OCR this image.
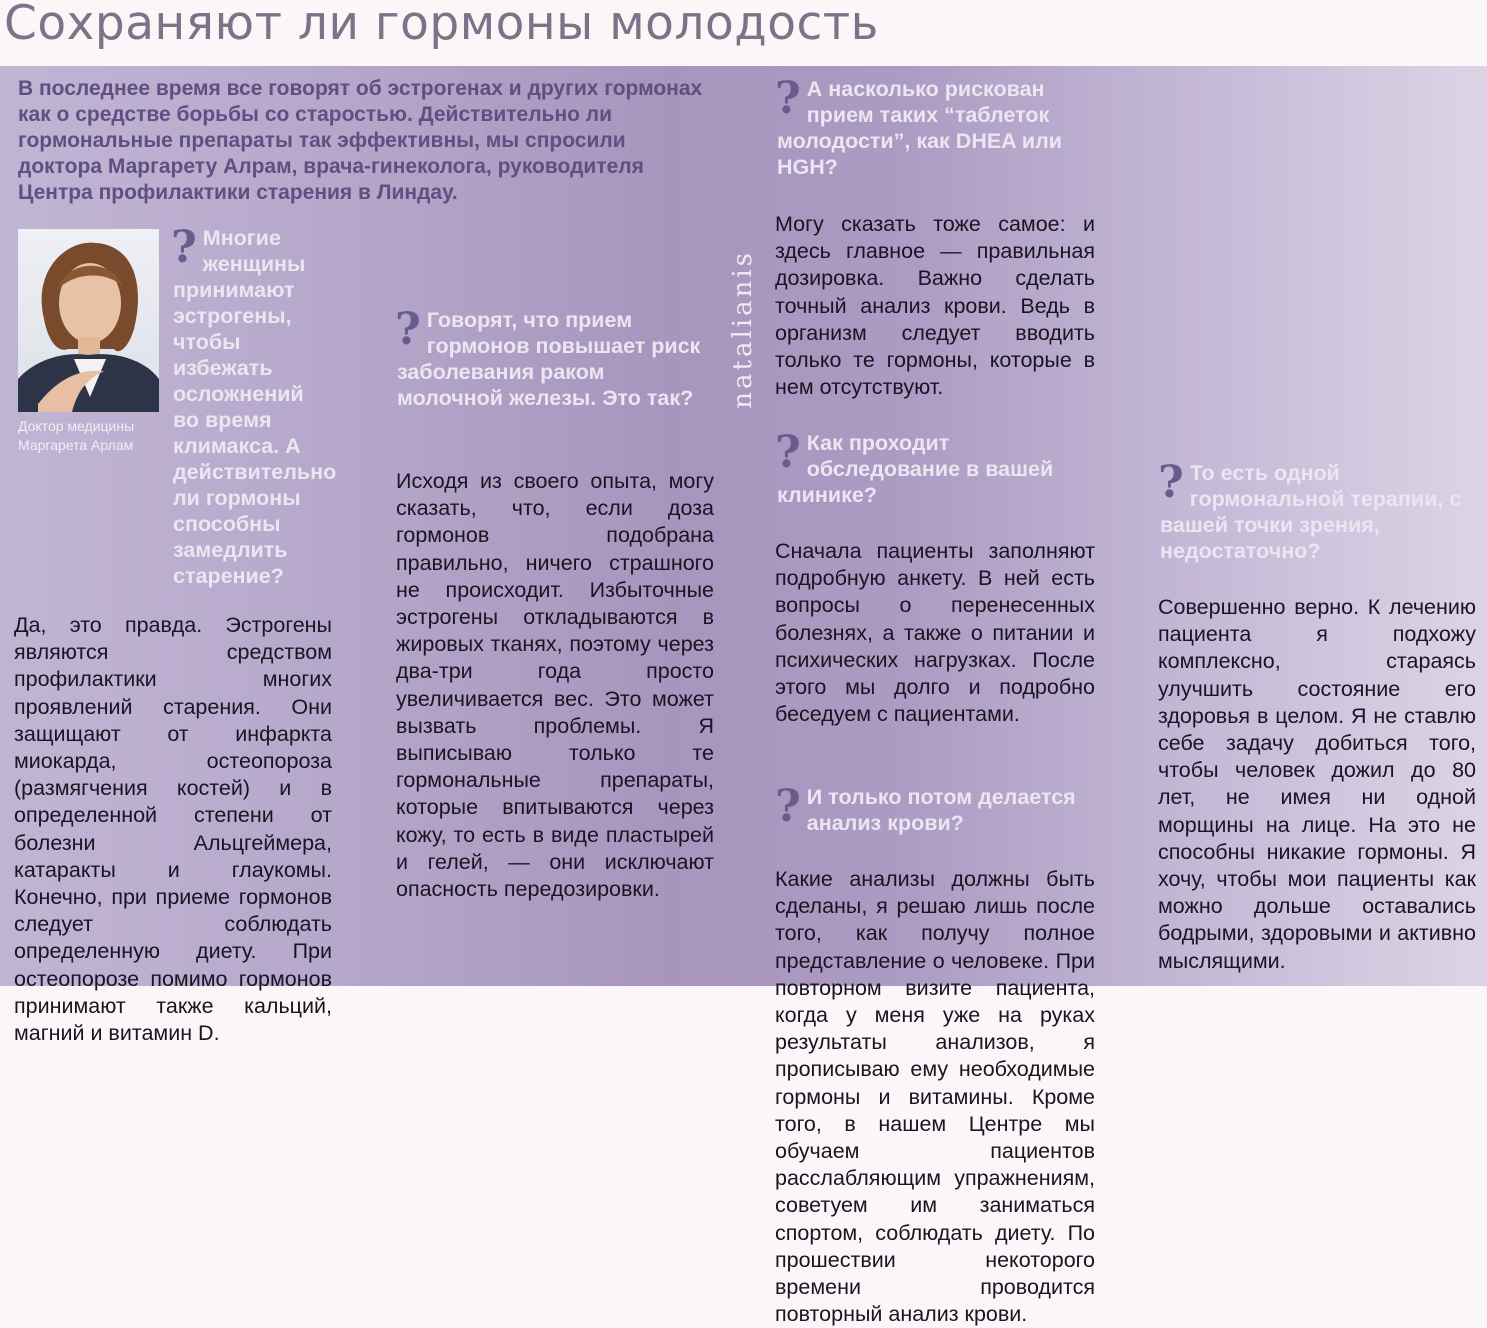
Сохраняют ли гормоны молодость

В последнее время все говорят об эстрогенах и других гормонах как о средстве борьбы со старостью. Действительно ли гормональные препараты так эффективны, мы спросили доктора Маргарету Алрам, врача-гинеколога, руководителя Центра профилактики старения в Линдау.

Доктор медицины Маргарета Арлам

natalianis
? Многие женщины принимают эстрогены, чтобы избежать осложнений во время климакса. А действительно ли гормоны способны замедлить старение?

Да, это правда. Эстрогены являются средством профилактики многих проявлений старения. Они защищают от инфаркта миокарда, остеопороза (размягчения костей) и в определенной степени от болезни Альцгеймера, катаракты и глаукомы. Конечно, при приеме гормонов следует соблюдать определенную диету. При остеопорозе помимо гормонов принимают также кальций, магний и витамин D.

? Говорят, что прием гормонов повышает риск заболевания раком молочной железы. Это так?

Исходя из своего опыта, могу сказать, что, если доза гормонов подобрана правильно, ничего страшного не происходит. Избыточные эстрогены откладываются в жировых тканях, поэтому через два-три года просто увеличивается вес. Это может вызвать проблемы. Я выписываю только те гормональные препараты, которые впитываются через кожу, то есть в виде пластырей и гелей, — они исключают опасность передозировки.

? А насколько рискован прием таких “таблеток молодости”, как DHEA или HGH?

Могу сказать тоже самое: и здесь главное — правильная дозировка. Важно сделать точный анализ крови. Ведь в организм следует вводить только те гормоны, которые в нем отсутствуют.

? Как проходит обследование в вашей клинике?

Сначала пациенты заполняют подробную анкету. В ней есть вопросы о перенесенных болезнях, а также о питании и психических нагрузках. После этого мы долго и подробно беседуем с пациентами.

? И только потом делается анализ крови?

Какие анализы должны быть сделаны, я решаю лишь после того, как получу полное представление о человеке. При повторном визите пациента, когда у меня уже на руках результаты анализов, я прописываю ему необходимые гормоны и витамины. Кроме того, в нашем Центре мы обучаем пациентов расслабляющим упражнениям, советуем им заниматься спортом, соблюдать диету. По прошествии некоторого времени проводится повторный анализ крови.

? То есть одной гормональной терапии, с вашей точки зрения, недостаточно?

Совершенно верно. К лечению пациента я подхожу комплексно, стараясь улучшить состояние его здоровья в целом. Я не ставлю себе задачу добиться того, чтобы человек дожил до 80 лет, не имея ни одной морщины на лице. На это не способны никакие гормоны. Я хочу, чтобы мои пациенты как можно дольше оставались бодрыми, здоровыми и активно мыслящими.
